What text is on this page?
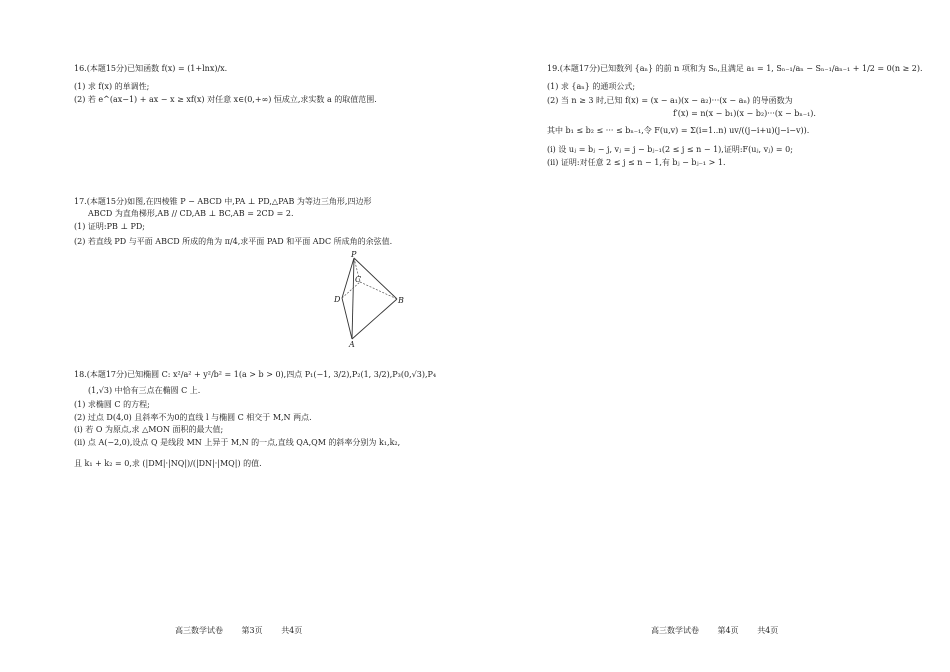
16.(本题15分)已知函数 f(x) = (1+lnx)/x.
(1) 求 f(x) 的单调性;
(2) 若 e^(ax−1) + ax − x ≥ xf(x) 对任意 x∈(0,+∞) 恒成立,求实数 a 的取值范围.
17.(本题15分)如图,在四棱锥 P − ABCD 中,PA ⊥ PD,△PAB 为等边三角形,四边形
ABCD 为直角梯形,AB // CD,AB ⊥ BC,AB = 2CD = 2.
(1) 证明:PB ⊥ PD;
(2) 若直线 PD 与平面 ABCD 所成的角为 π/4,求平面 PAD 和平面 ADC 所成角的余弦值.
18.(本题17分)已知椭圆 C: x²/a² + y²/b² = 1(a > b > 0),四点 P₁(−1, 3/2),P₂(1, 3/2),P₃(0,√3),P₄
(1,√3) 中恰有三点在椭圆 C 上.
(1) 求椭圆 C 的方程;
(2) 过点 D(4,0) 且斜率不为0的直线 l 与椭圆 C 相交于 M,N 两点.
(i) 若 O 为原点,求 △MON 面积的最大值;
(ii) 点 A(−2,0),设点 Q 是线段 MN 上异于 M,N 的一点,直线 QA,QM 的斜率分别为 k₁,k₂,
且 k₁ + k₂ = 0,求 (|DM|·|NQ|)/(|DN|·|MQ|) 的值.
P
C
D	B
A
19.(本题17分)已知数列 {aₙ} 的前 n 项和为 Sₙ,且满足 a₁ = 1, Sₙ₋₁/aₙ − Sₙ₋₁/aₙ₋₁ + 1/2 = 0(n ≥ 2).
(1) 求 {aₙ} 的通项公式;
(2) 当 n ≥ 3 时,已知 f(x) = (x − a₁)(x − a₂)···(x − aₙ) 的导函数为
f′(x) = n(x − b₁)(x − b₂)···(x − bₙ₋₁).
其中 b₁ ≤ b₂ ≤ ··· ≤ bₙ₋₁,令 F(u,v) = Σ(i=1..n) uv/((j−i+u)(j−i−v)).
(i) 设 uⱼ = bⱼ − j, vⱼ = j − bⱼ₋₁(2 ≤ j ≤ n − 1),证明:F(uⱼ, vⱼ) = 0;
(ii) 证明:对任意 2 ≤ j ≤ n − 1,有 bⱼ − bⱼ₋₁ > 1.
高三数学试卷 第3页 共4页	高三数学试卷 第4页 共4页
